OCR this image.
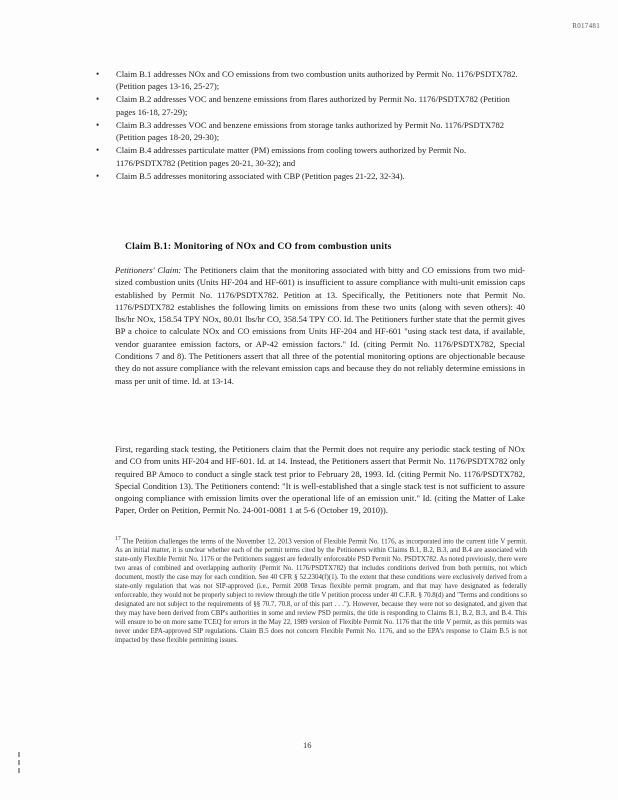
R017481
• Claim B.1 addresses NOx and CO emissions from two combustion units authorized by Permit No. 1176/PSDTX782. (Petition pages 13-16, 25-27);
• Claim B.2 addresses VOC and benzene emissions from flares authorized by Permit No. 1176/PSDTX782 (Petition pages 16-18, 27-29);
• Claim B.3 addresses VOC and benzene emissions from storage tanks authorized by Permit No. 1176/PSDTX782 (Petition pages 18-20, 29-30);
• Claim B.4 addresses particulate matter (PM) emissions from cooling towers authorized by Permit No. 1176/PSDTX782 (Petition pages 20-21, 30-32); and
• Claim B.5 addresses monitoring associated with CBP (Petition pages 21-22, 32-34).
Claim B.1: Monitoring of NOx and CO from combustion units

Petitioners' Claim: The Petitioners claim that the monitoring associated with bitty and CO emissions from two mid-sized combustion units (Units HF-204 and HF-601) is insufficient to assure compliance with multi-unit emission caps established by Permit No. 1176/PSDTX782. Petition at 13. Specifically, the Petitioners note that Permit No. 1176/PSDTX782 establishes the following limits on emissions from these two units (along with seven others): 40 lbs/hr NOx, 158.54 TPY NOx, 80.01 lbs/hr CO, 358.54 TPY CO. Id. The Petitioners further state that the permit gives BP a choice to calculate NOx and CO emissions from Units HF-204 and HF-601 "using stack test data, if available, vendor guarantee emission factors, or AP-42 emission factors." Id. (citing Permit No. 1176/PSDTX782, Special Conditions 7 and 8). The Petitioners assert that all three of the potential monitoring options are objectionable because they do not assure compliance with the relevant emission caps and because they do not reliably determine emissions in mass per unit of time. Id. at 13-14.

First, regarding stack testing, the Petitioners claim that the Permit does not require any periodic stack testing of NOx and CO from units HF-204 and HF-601. Id. at 14. Instead, the Petitioners assert that Permit No. 1176/PSDTX782 only required BP Amoco to conduct a single stack test prior to February 28, 1993. Id. (citing Permit No. 1176/PSDTX782, Special Condition 13). The Petitioners contend: "It is well-established that a single stack test is not sufficient to assure ongoing compliance with emission limits over the operational life of an emission unit." Id. (citing the Matter of Lake Paper, Order on Petition, Permit No. 24-001-0081 1 at 5-6 (October 19, 2010)).

$^{17}$ The Petition challenges the terms of the November 12, 2013 version of Flexible Permit No. 1176, as incorporated into the current title V permit. As an initial matter, it is unclear whether each of the permit terms cited by the Petitioners within Claims B.1, B.2, B.3, and B.4 are associated with state-only Flexible Permit No. 1176 or the Petitioners suggest are federally enforceable PSD Permit No. PSDTX782. As noted previously, there were two areas of combined and overlapping authority (Permit No. 1176/PSDTX782) that includes conditions derived from both permits, not which document, mostly the case may for each condition. See 40 CFR § 52.2304(f)(1). To the extent that these conditions were exclusively derived from a state-only regulation that was not SIP-approved (i.e., Permit 2008 Texas flexible permit program, and that may have designated as federally enforceable, they would not be properly subject to review through the title V petition process under 40 C.F.R. § 70.8(d) and "Terms and conditions so designated are not subject to the requirements of §§ 70.7, 70.8, or of this part . . ."). However, because they were not so designated, and given that they may have been derived from CBP's authorities in some and review PSD permits, the title is responding to Claims B.1, B.2, B.3, and B.4. This will ensure to be on more same TCEQ for errors in the May 22, 1989 version of Flexible Permit No. 1176 that the title V permit, as this permits was never under EPA-approved SIP regulations. Claim B.5 does not concern Flexible Permit No. 1176, and so the EPA's response to Claim B.5 is not impacted by these flexible permitting issues.

16
